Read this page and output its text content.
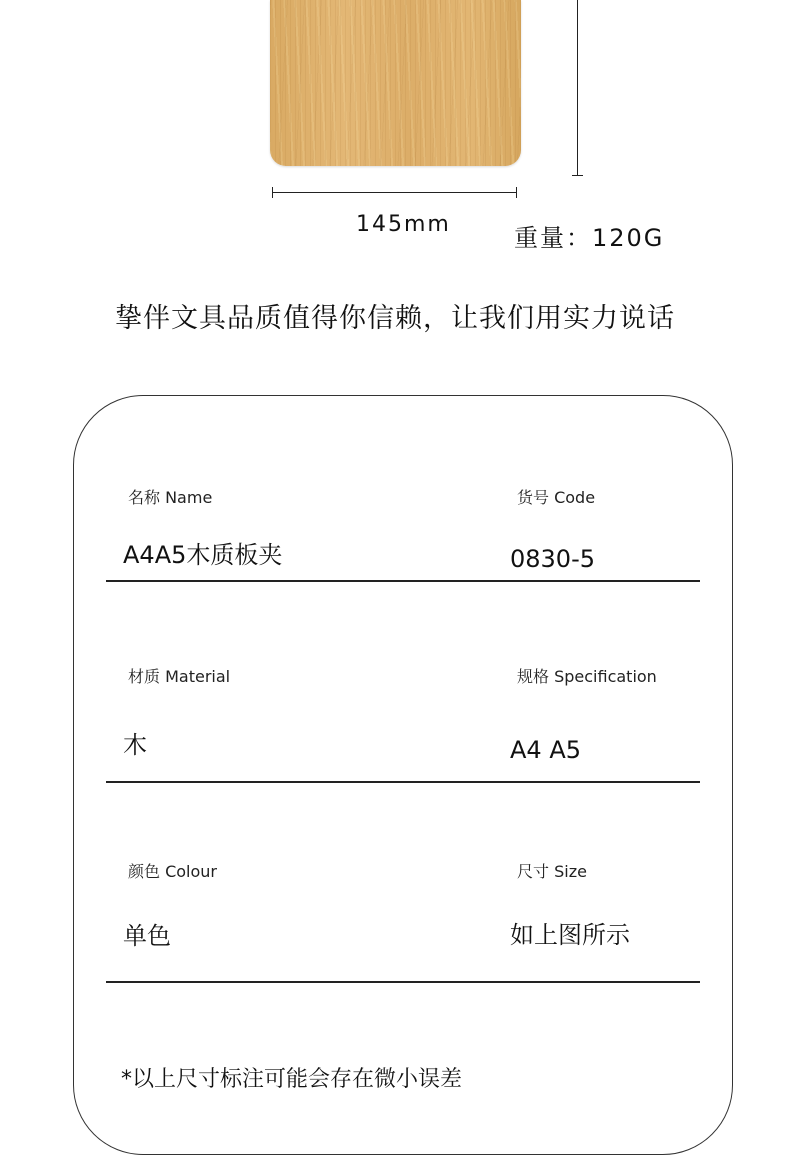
145mm	重量：120G
挚伴文具品质值得你信赖，让我们用实力说话
名称 Name
A4A5木质板夹
货号 Code
0830-5
材质 Material
木
规格 Specification
A4 A5
颜色 Colour
单色
尺寸 Size
如上图所示
*以上尺寸标注可能会存在微小误差
